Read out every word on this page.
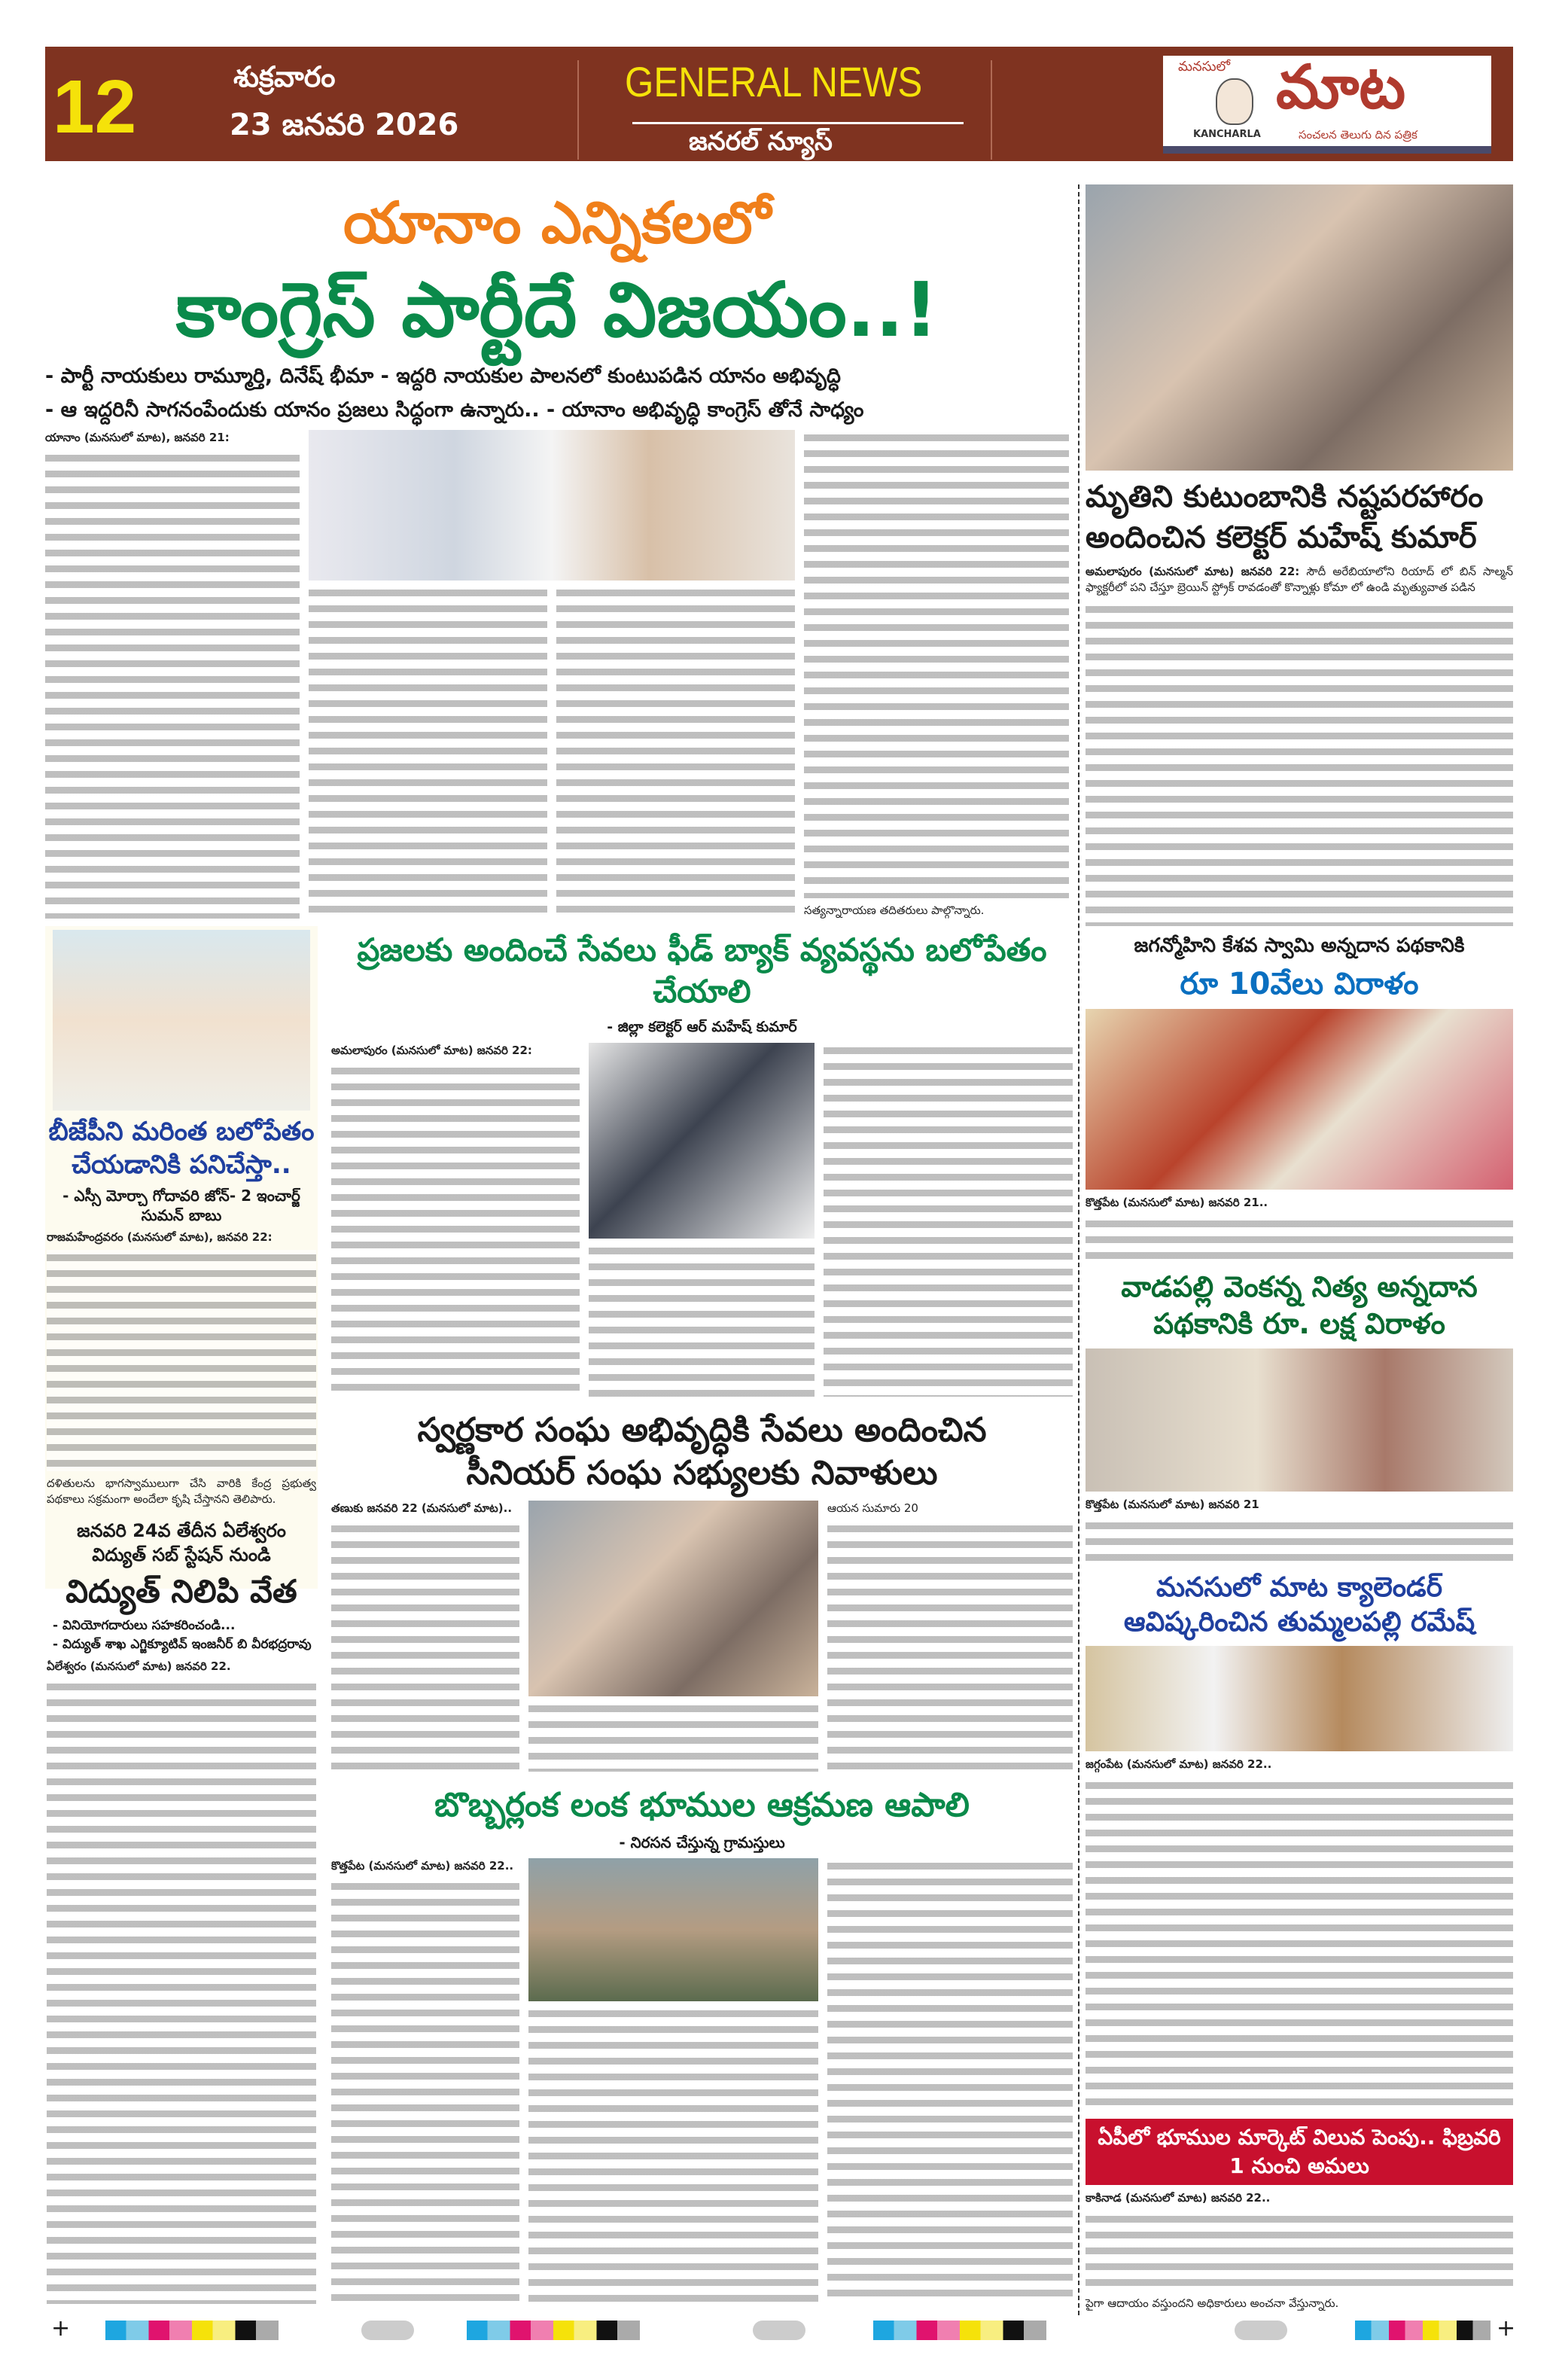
12	శుక్రవారం
23 జనవరి 2026
GENERAL NEWS
జనరల్ న్యూస్
మనసులో మాట
KANCHARLA	సంచలన తెలుగు దిన పత్రిక
యానాం ఎన్నికలలో
కాంగ్రెస్ పార్టీదే విజయం..!
- పార్టీ నాయకులు రామ్మూర్తి, దినేష్ భీమా - ఇద్దరి నాయకుల పాలనలో కుంటుపడిన యానం అభివృద్ధి
- ఆ ఇద్దరినీ సాగనంపేందుకు యానం ప్రజలు సిద్ధంగా ఉన్నారు.. - యానాం అభివృద్ధి కాంగ్రెస్ తోనే సాధ్యం
యానాం (మనసులో మాట), జనవరి 21:
సత్యన్నారాయణ తదితరులు పాల్గొన్నారు.
మృతిని కుటుంబానికి నష్టపరహారం
అందించిన కలెక్టర్ మహేష్ కుమార్
అమలాపురం (మనసులో మాట) జనవరి 22: సౌదీ అరేబియాలోని రియాద్ లో బిన్ సాల్మన్ ఫ్యాక్టరీలో పని చేస్తూ బ్రెయిన్ స్ట్రోక్ రావడంతో కొన్నాళ్లు కోమా లో ఉండి మృత్యువాత పడిన
బీజేపీని మరింత బలోపేతం చేయడానికి పనిచేస్తా..
- ఎస్సీ మోర్చా గోదావరి జోన్- 2 ఇంచార్జ్ సుమన్ బాబు
రాజమహేంద్రవరం (మనసులో మాట), జనవరి 22:
దళితులను భాగస్వాములుగా చేసి వారికి కేంద్ర ప్రభుత్వ పథకాలు సక్రమంగా అందేలా కృషి చేస్తానని తెలిపారు.
జనవరి 24వ తేదీన ఏలేశ్వరం
విద్యుత్ సబ్ స్టేషన్ నుండి
విద్యుత్ నిలిపి వేత
- వినియోగదారులు సహకరించండి...
- విద్యుత్ శాఖ ఎగ్జిక్యూటివ్ ఇంజనీర్ బి వీరభద్రరావు
ఏలేశ్వరం (మనసులో మాట) జనవరి 22.
ప్రజలకు అందించే సేవలు ఫీడ్ బ్యాక్ వ్యవస్థను బలోపేతం చేయాలి
- జిల్లా కలెక్టర్ ఆర్ మహేష్ కుమార్
అమలాపురం (మనసులో మాట) జనవరి 22:
స్వర్ణకార సంఘ అభివృద్ధికి సేవలు అందించిన
సీనియర్ సంఘ సభ్యులకు నివాళులు
తణుకు జనవరి 22 (మనసులో మాట)..	ఆయన సుమారు 20
బొబ్బర్లంక లంక భూముల ఆక్రమణ ఆపాలి
- నిరసన చేస్తున్న గ్రామస్తులు
కొత్తపేట (మనసులో మాట) జనవరి 22..
జగన్మోహిని కేశవ స్వామి అన్నదాన పథకానికి
రూ 10వేలు విరాళం
కొత్తపేట (మనసులో మాట) జనవరి 21..
వాడపల్లి వెంకన్న నిత్య అన్నదాన
పథకానికి రూ. లక్ష విరాళం
కొత్తపేట (మనసులో మాట) జనవరి 21
మనసులో మాట క్యాలెండర్
ఆవిష్కరించిన తుమ్మలపల్లి రమేష్
జగ్గంపేట (మనసులో మాట) జనవరి 22..
ఏపీలో భూముల మార్కెట్ విలువ పెంపు.. ఫిబ్రవరి 1 నుంచి అమలు
కాకినాడ (మనసులో మాట) జనవరి 22..
పైగా ఆదాయం వస్తుందని అధికారులు అంచనా వేస్తున్నారు.
+	+
